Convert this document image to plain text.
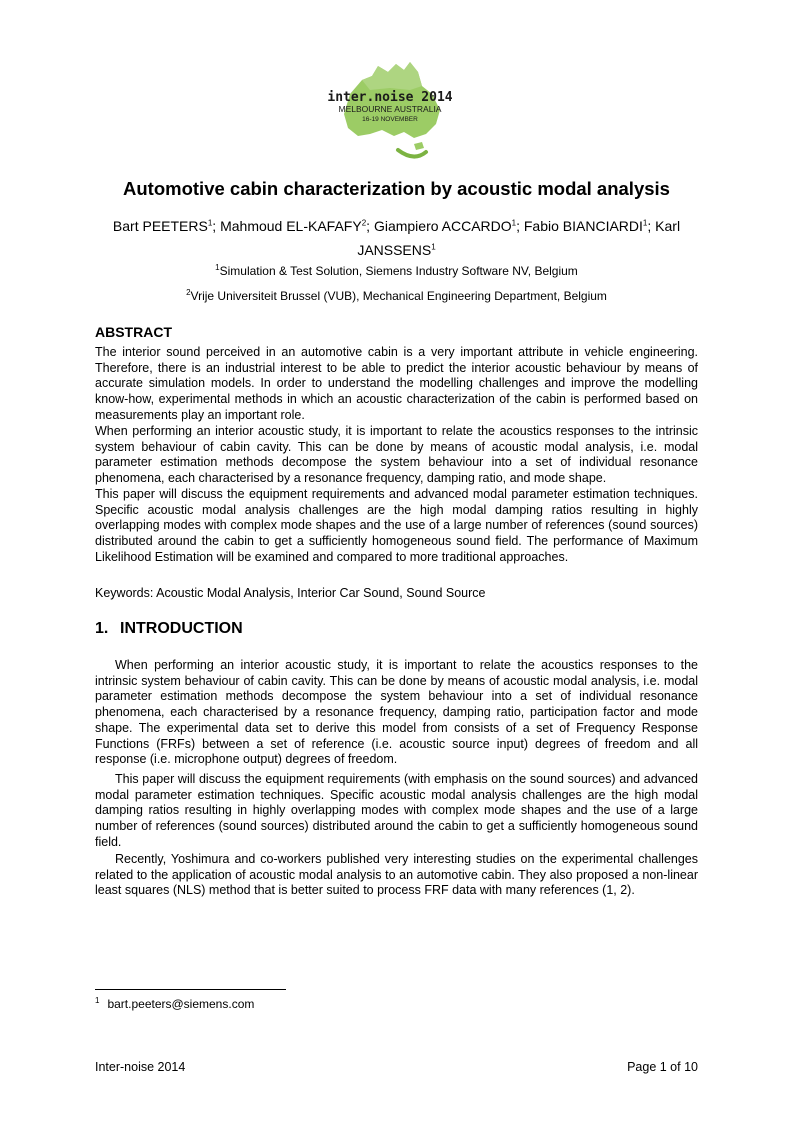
inter.noise 2014
MELBOURNE AUSTRALIA
16-19 NOVEMBER
Automotive cabin characterization by acoustic modal analysis
Bart PEETERS$^1$; Mahmoud EL-KAFAFY$^2$; Giampiero ACCARDO$^1$; Fabio BIANCIARDI$^1$; Karl JANSSENS$^1$
$^1$Simulation & Test Solution, Siemens Industry Software NV, Belgium
$^2$Vrije Universiteit Brussel (VUB), Mechanical Engineering Department, Belgium
ABSTRACT

The interior sound perceived in an automotive cabin is a very important attribute in vehicle engineering. Therefore, there is an industrial interest to be able to predict the interior acoustic behaviour by means of accurate simulation models. In order to understand the modelling challenges and improve the modelling know-how, experimental methods in which an acoustic characterization of the cabin is performed based on measurements play an important role.

When performing an interior acoustic study, it is important to relate the acoustics responses to the intrinsic system behaviour of cabin cavity. This can be done by means of acoustic modal analysis, i.e. modal parameter estimation methods decompose the system behaviour into a set of individual resonance phenomena, each characterised by a resonance frequency, damping ratio, and mode shape.

This paper will discuss the equipment requirements and advanced modal parameter estimation techniques. Specific acoustic modal analysis challenges are the high modal damping ratios resulting in highly overlapping modes with complex mode shapes and the use of a large number of references (sound sources) distributed around the cabin to get a sufficiently homogeneous sound field. The performance of Maximum Likelihood Estimation will be examined and compared to more traditional approaches.

Keywords: Acoustic Modal Analysis, Interior Car Sound, Sound Source
1. INTRODUCTION

When performing an interior acoustic study, it is important to relate the acoustics responses to the intrinsic system behaviour of cabin cavity. This can be done by means of acoustic modal analysis, i.e. modal parameter estimation methods decompose the system behaviour into a set of individual resonance phenomena, each characterised by a resonance frequency, damping ratio, participation factor and mode shape. The experimental data set to derive this model from consists of a set of Frequency Response Functions (FRFs) between a set of reference (i.e. acoustic source input) degrees of freedom and all response (i.e. microphone output) degrees of freedom.

This paper will discuss the equipment requirements (with emphasis on the sound sources) and advanced modal parameter estimation techniques. Specific acoustic modal analysis challenges are the high modal damping ratios resulting in highly overlapping modes with complex mode shapes and the use of a large number of references (sound sources) distributed around the cabin to get a sufficiently homogeneous sound field.

Recently, Yoshimura and co-workers published very interesting studies on the experimental challenges related to the application of acoustic modal analysis to an automotive cabin. They also proposed a non-linear least squares (NLS) method that is better suited to process FRF data with many references (1, 2).

$^1$ bart.peeters@siemens.com
Inter-noise 2014	Page 1 of 10
